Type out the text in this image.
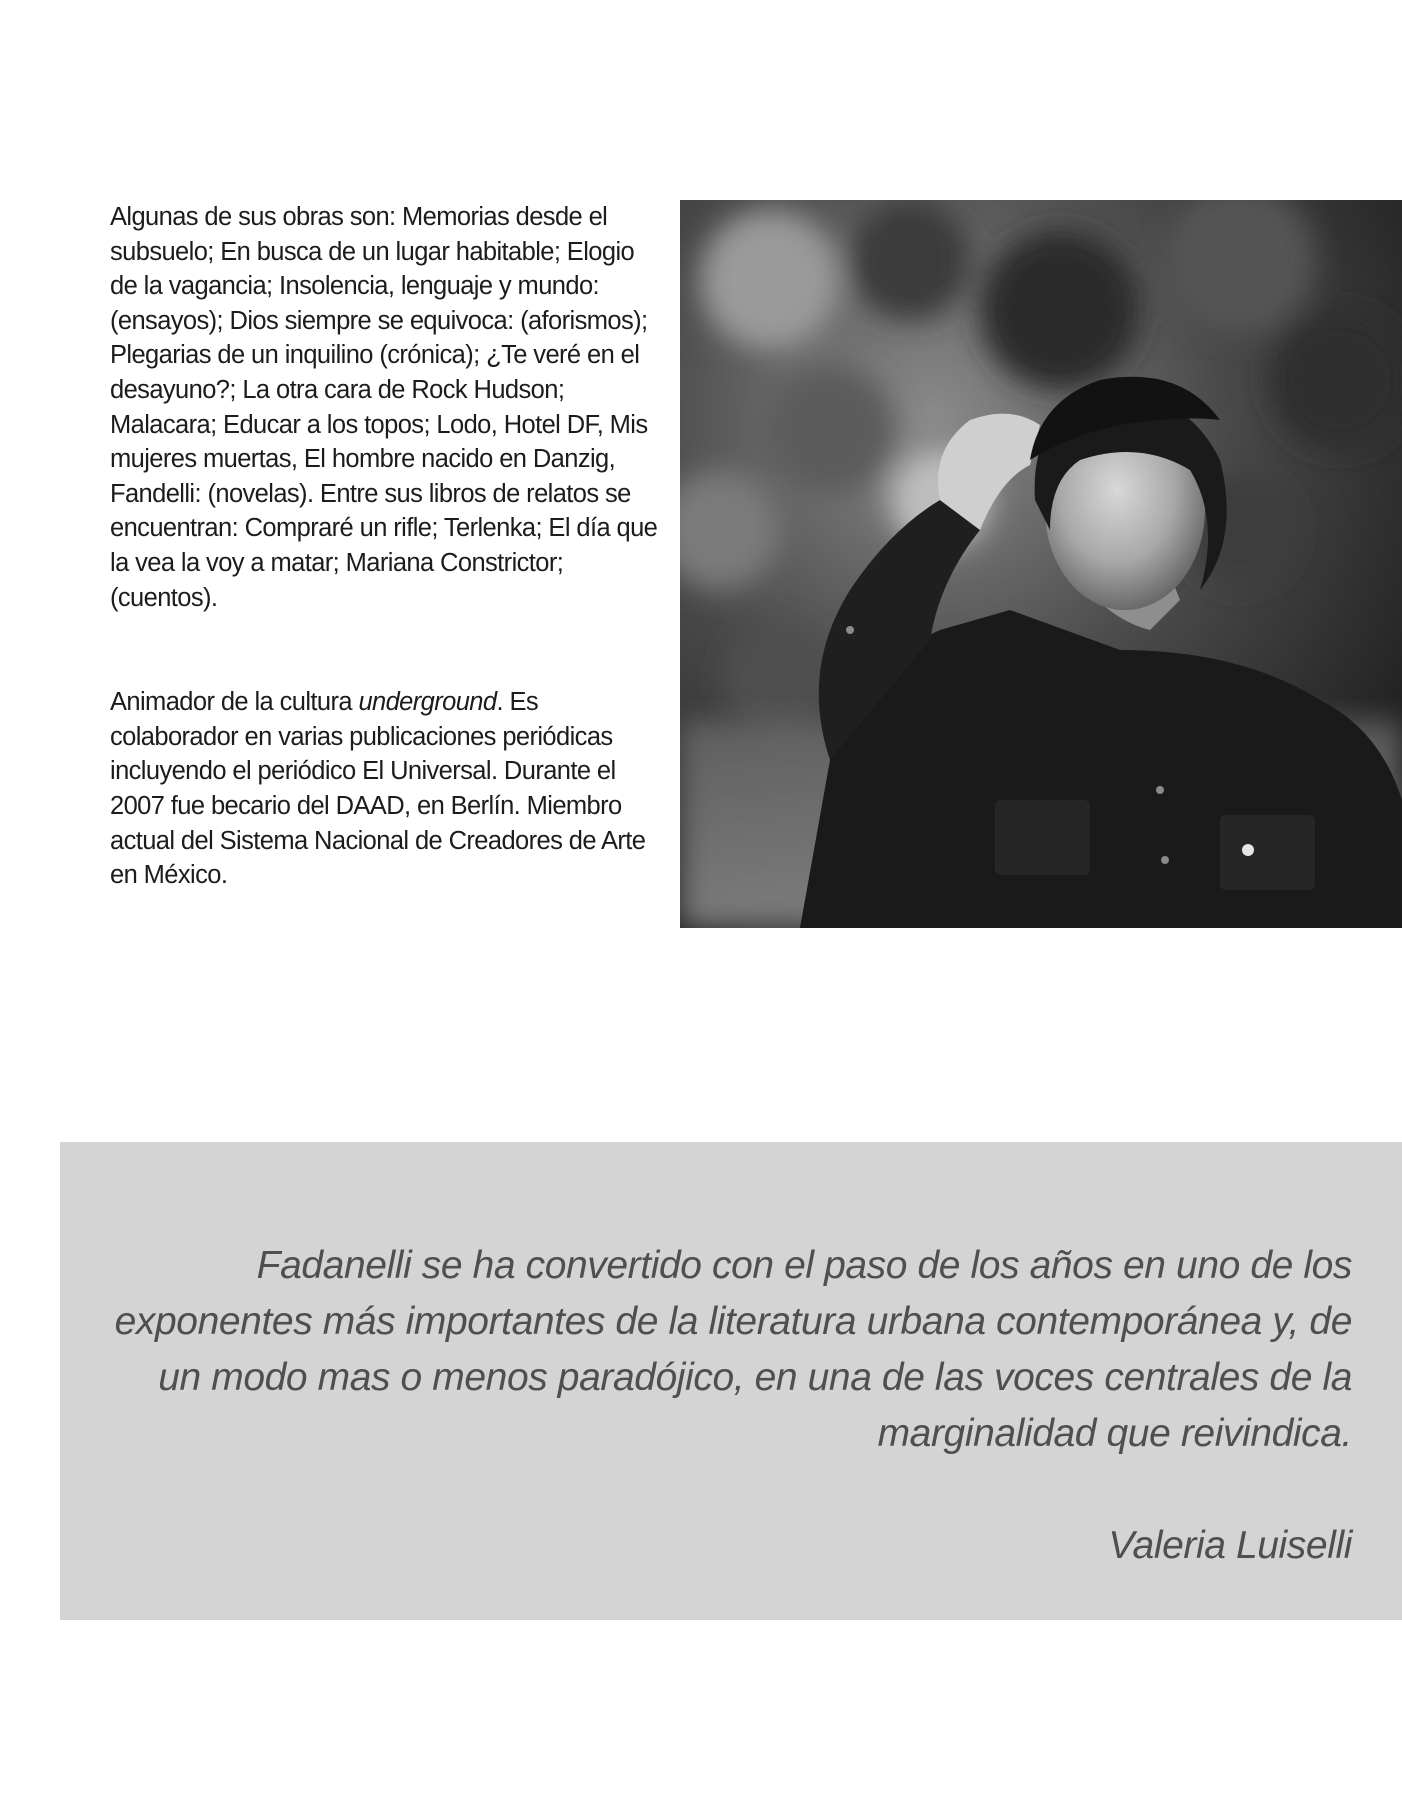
Algunas de sus obras son: Memorias desde el subsuelo; En busca de un lugar habitable; Elogio de la vagancia; Insolencia, lenguaje y mundo: (ensayos); Dios siempre se equivoca: (aforismos); Plegarias de un inquilino (crónica); ¿Te veré en el desayuno?; La otra cara de Rock Hudson; Malacara; Educar a los topos; Lodo, Hotel DF, Mis mujeres muertas, El hombre nacido en Danzig, Fandelli: (novelas). Entre sus libros de relatos se encuentran: Compraré un rifle; Terlenka; El día que la vea la voy a matar; Mariana Constrictor; (cuentos).

Animador de la cultura underground. Es colaborador en varias publicaciones periódicas incluyendo el periódico El Universal. Durante el 2007 fue becario del DAAD, en Berlín. Miembro actual del Sistema Nacional de Creadores de Arte en México.

Fadanelli se ha convertido con el paso de los años en uno de los exponentes más importantes de la literatura urbana contemporánea y, de un modo mas o menos paradójico, en una de las voces centrales de la marginalidad que reivindica.

Valeria Luiselli
